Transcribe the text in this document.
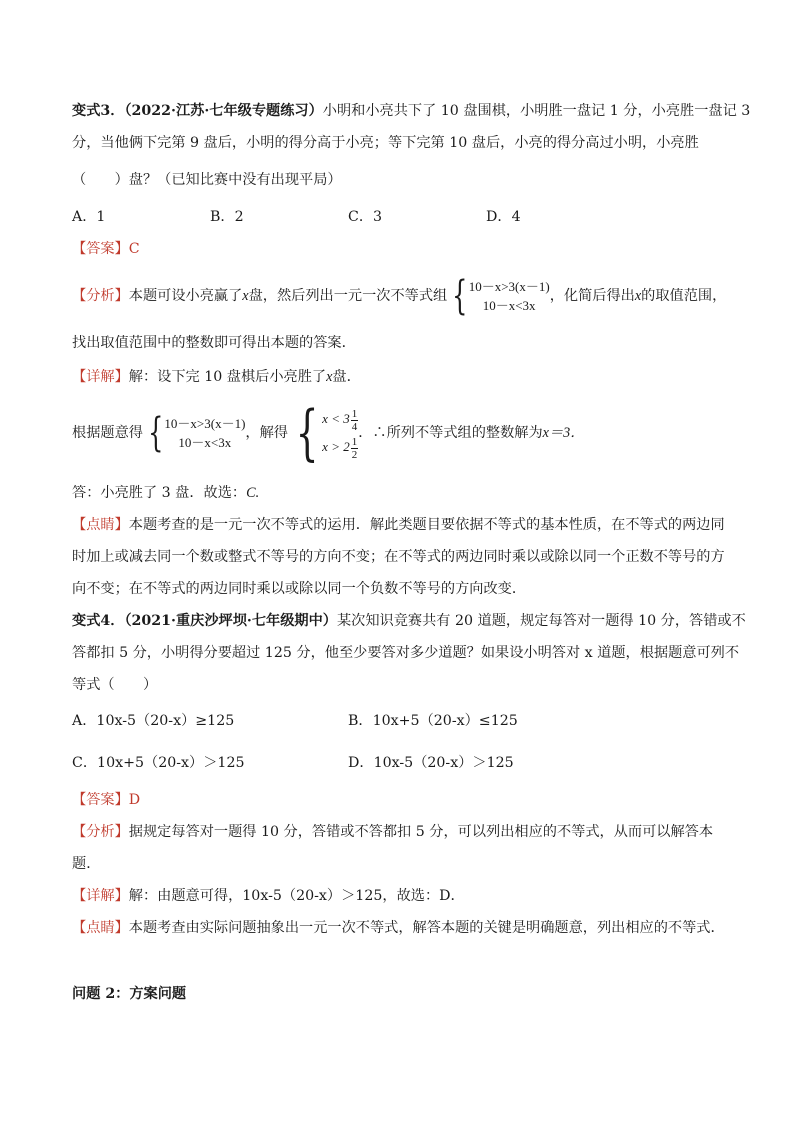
变式3．（2022·江苏·七年级专题练习）小明和小亮共下了 10 盘围棋，小明胜一盘记 1 分，小亮胜一盘记 3
分，当他俩下完第 9 盘后，小明的得分高于小亮；等下完第 10 盘后，小亮的得分高过小明，小亮胜
（　　）盘？（已知比赛中没有出现平局）
A．1	B．2	C．3	D．4
【答案】C
【分析】本题可设小亮赢了x盘，然后列出一元一次不等式组 { 10－x>3(x－1)
10－x<3x
，化简后得出x的取值范围，
找出取值范围中的整数即可得出本题的答案．
【详解】解：设下完 10 盘棋后小亮胜了x盘．
根据题意得 { 10－x>3(x－1)
10－x<3x
，解得 { $x < 3 \frac{1}{4}$
$x > 2 \frac{1}{2}$
．∴所列不等式组的整数解为x＝3．
答：小亮胜了 3 盘．故选：C.
【点睛】本题考查的是一元一次不等式的运用．解此类题目要依据不等式的基本性质，在不等式的两边同
时加上或减去同一个数或整式不等号的方向不变；在不等式的两边同时乘以或除以同一个正数不等号的方
向不变；在不等式的两边同时乘以或除以同一个负数不等号的方向改变．
变式4．（2021·重庆沙坪坝·七年级期中）某次知识竞赛共有 20 道题，规定每答对一题得 10 分，答错或不
答都扣 5 分，小明得分要超过 125 分，他至少要答对多少道题？如果设小明答对 x 道题，根据题意可列不
等式（　　）
A．10x-5（20-x）≥125	B．10x+5（20-x）≤125
C．10x+5（20-x）＞125	D．10x-5（20-x）＞125
【答案】D
【分析】据规定每答对一题得 10 分，答错或不答都扣 5 分，可以列出相应的不等式，从而可以解答本
题．
【详解】解：由题意可得，10x-5（20-x）＞125，故选：D．
【点睛】本题考查由实际问题抽象出一元一次不等式，解答本题的关键是明确题意，列出相应的不等式．
问题 2：方案问题
